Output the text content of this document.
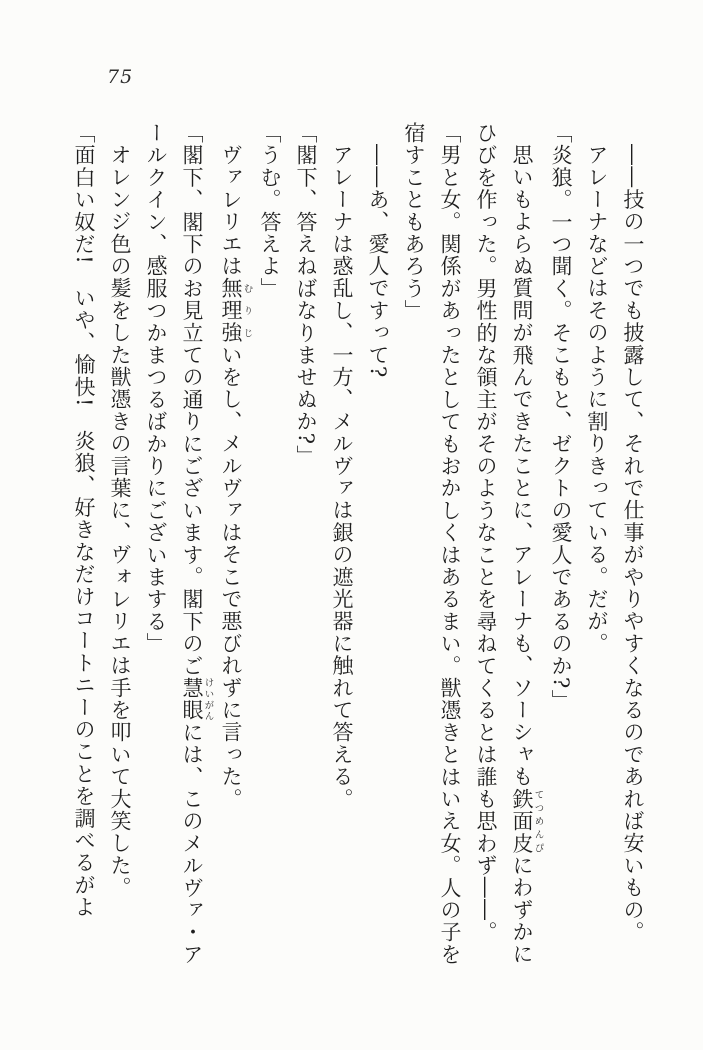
75

――技の一つでも披露して、それで仕事がやりやすくなるのであれば安いもの。

アレーナなどはそのように割りきっている。だが。

「炎狼。一つ聞く。そこもと、ゼクトの愛人であるのか?」

思いもよらぬ質問が飛んできたことに、アレーナも、ソーシャも鉄面皮てつめんぴにわずかに

ひびを作った。男性的な領主がそのようなことを尋ねてくるとは誰も思わず――。

「男と女。関係があったとしてもおかしくはあるまい。獣憑きとはいえ女。人の子を

宿すこともあろう」

――あ、愛人ですって?

アレーナは惑乱し、一方、メルヴァは銀の遮光器に触れて答える。

「閣下、答えねばなりませぬか?」

「うむ。答えよ」

ヴァレリエは無理強むりじいをし、メルヴァはそこで悪びれずに言った。

「閣下、閣下のお見立ての通りにございます。閣下のご慧眼けいがんには、このメルヴァ・ア

ールクイン、感服つかまつるばかりにございまする」

オレンジ色の髪をした獣憑きの言葉に、ヴォレリエは手を叩いて大笑した。

「面白い奴だ!　いや、愉快!　炎狼、好きなだけコートニーのことを調べるがよ
